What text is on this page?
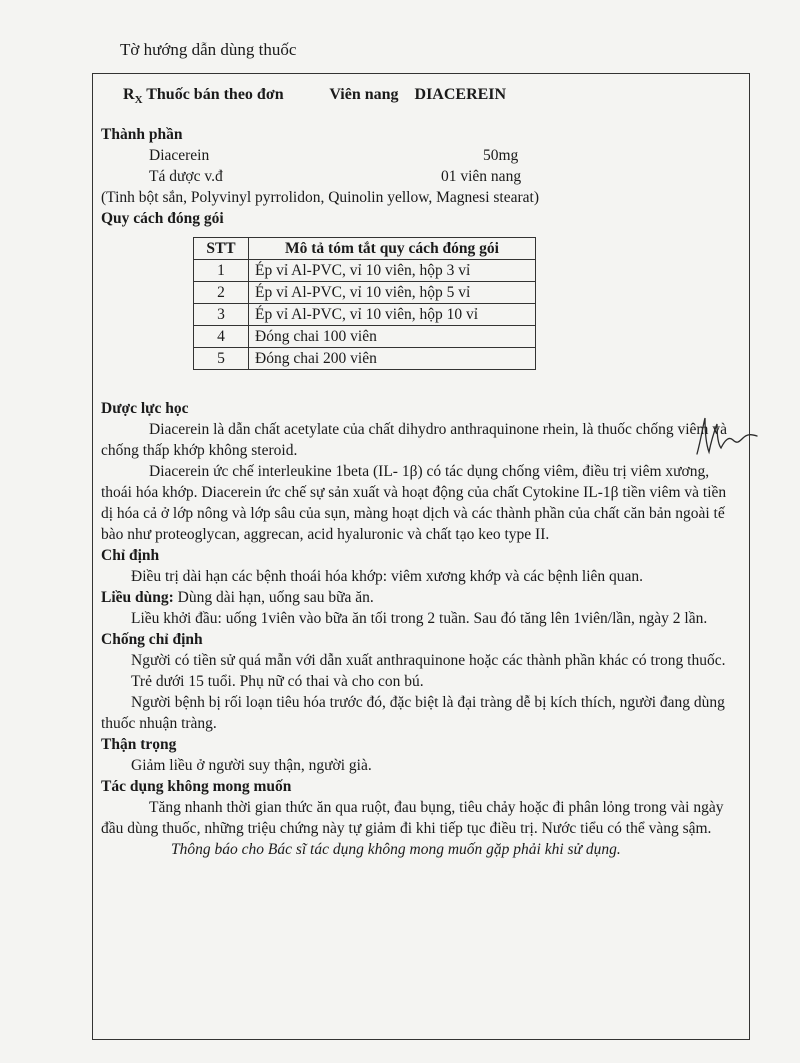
Tờ hướng dẫn dùng thuốc
$R_X$ Thuốc bán theo đơn	Viên nang DIACEREIN
Thành phần
Diacerein	50mg
Tá dược v.đ	01 viên nang
(Tinh bột sắn, Polyvinyl pyrrolidon, Quinolin yellow, Magnesi stearat)
Quy cách đóng gói
STT	Mô tả tóm tắt quy cách đóng gói
1	Ép vỉ Al-PVC, vỉ 10 viên, hộp 3 vỉ
2	Ép vỉ Al-PVC, vỉ 10 viên, hộp 5 vỉ
3	Ép vỉ Al-PVC, vỉ 10 viên, hộp 10 vỉ
4	Đóng chai 100 viên
5	Đóng chai 200 viên
Dược lực học

Diacerein là dẫn chất acetylate của chất dihydro anthraquinone rhein, là thuốc chống viêm và chống thấp khớp không steroid.

Diacerein ức chế interleukine 1beta (IL- 1β) có tác dụng chống viêm, điều trị viêm xương, thoái hóa khớp. Diacerein ức chế sự sản xuất và hoạt động của chất Cytokine IL-1β tiền viêm và tiền dị hóa cả ở lớp nông và lớp sâu của sụn, màng hoạt dịch và các thành phần của chất căn bản ngoài tế bào như proteoglycan, aggrecan, acid hyaluronic và chất tạo keo type II.

Chỉ định

Điều trị dài hạn các bệnh thoái hóa khớp: viêm xương khớp và các bệnh liên quan.

Liều dùng: Dùng dài hạn, uống sau bữa ăn.

Liều khởi đầu: uống 1viên vào bữa ăn tối trong 2 tuần. Sau đó tăng lên 1viên/lần, ngày 2 lần.

Chống chỉ định

Người có tiền sử quá mẫn với dẫn xuất anthraquinone hoặc các thành phần khác có trong thuốc.

Trẻ dưới 15 tuổi. Phụ nữ có thai và cho con bú.

Người bệnh bị rối loạn tiêu hóa trước đó, đặc biệt là đại tràng dễ bị kích thích, người đang dùng thuốc nhuận tràng.

Thận trọng

Giảm liều ở người suy thận, người già.

Tác dụng không mong muốn

Tăng nhanh thời gian thức ăn qua ruột, đau bụng, tiêu chảy hoặc đi phân lỏng trong vài ngày đầu dùng thuốc, những triệu chứng này tự giảm đi khi tiếp tục điều trị. Nước tiểu có thể vàng sậm.

Thông báo cho Bác sĩ tác dụng không mong muốn gặp phải khi sử dụng.
